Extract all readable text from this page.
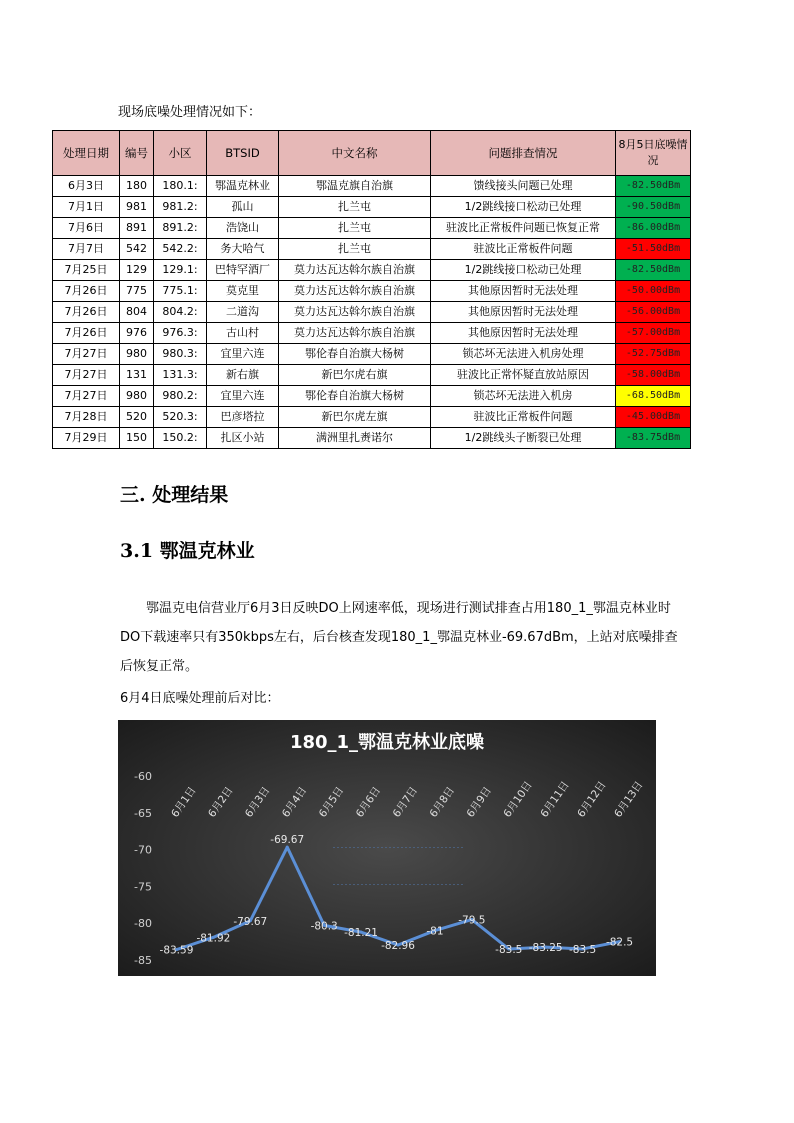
现场底噪处理情况如下：
处理日期	编号	小区	BTSID	中文名称	问题排查情况	8月5日底噪情况
6月3日	180	180.1:	鄂温克林业	鄂温克旗自治旗	馈线接头问题已处理	-82.50dBm
7月1日	981	981.2:	孤山	扎兰屯	1/2跳线接口松动已处理	-90.50dBm
7月6日	891	891.2:	浩饶山	扎兰屯	驻波比正常板件问题已恢复正常	-86.00dBm
7月7日	542	542.2:	务大哈气	扎兰屯	驻波比正常板件问题	-51.50dBm
7月25日	129	129.1:	巴特罕酒厂	莫力达瓦达斡尔族自治旗	1/2跳线接口松动已处理	-82.50dBm
7月26日	775	775.1:	莫克里	莫力达瓦达斡尔族自治旗	其他原因暂时无法处理	-50.00dBm
7月26日	804	804.2:	二道沟	莫力达瓦达斡尔族自治旗	其他原因暂时无法处理	-56.00dBm
7月26日	976	976.3:	古山村	莫力达瓦达斡尔族自治旗	其他原因暂时无法处理	-57.00dBm
7月27日	980	980.3:	宜里六连	鄂伦春自治旗大杨树	锁芯坏无法进入机房处理	-52.75dBm
7月27日	131	131.3:	新右旗	新巴尔虎右旗	驻波比正常怀疑直放站原因	-58.00dBm
7月27日	980	980.2:	宜里六连	鄂伦春自治旗大杨树	锁芯坏无法进入机房	-68.50dBm
7月28日	520	520.3:	巴彦塔拉	新巴尔虎左旗	驻波比正常板件问题	-45.00dBm
7月29日	150	150.2:	扎区小站	满洲里扎赉诺尔	1/2跳线头子断裂已处理	-83.75dBm
三. 处理结果
3.1 鄂温克林业
鄂温克电信营业厅6月3日反映DO上网速率低，现场进行测试排查占用180_1_鄂温克林业时DO下载速率只有350kbps左右，后台核查发现180_1_鄂温克林业-69.67dBm，上站对底噪排查后恢复正常。
6月4日底噪处理前后对比：
180_1_鄂温克林业底噪
-60
-65
-70
-75
-80
-85
6月1日 6月2日 6月3日 6月4日 6月5日 6月6日 6月7日 6月8日 6月9日 6月10日 6月11日 6月12日 6月13日
-83.59
-81.92
-79.67
-69.67
-80.3
-81.21
-82.96
-81
-79.5
-83.5 -83.25 -83.5
-82.5
